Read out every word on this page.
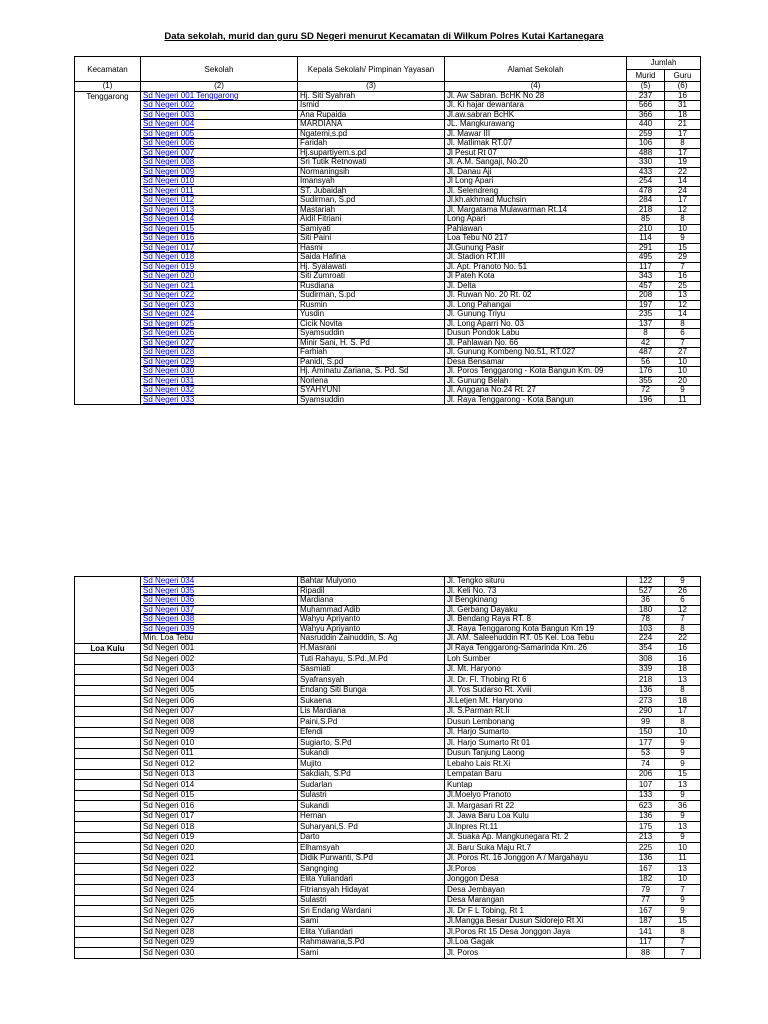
Data sekolah, murid dan guru SD Negeri menurut Kecamatan di Wilkum Polres Kutai Kartanegara
Kecamatan	Sekolah	Kepala Sekolah/ Pimpinan Yayasan	Alamat Sekolah	Jumlah	
				Murid	Guru
(1)	(2)	(3)	(4)	(5)	(6)
Tenggarong	Sd Negeri 001 Tenggarong	Hj. Siti Syahrah	Jl. Aw Sabran. BcHK No 28	237	16
	Sd Negeri 002	Ismid	Jl. Ki hajar dewantara	566	31
	Sd Negeri 003	Ana Rupaida	Jl.aw.sabran BcHK	366	18
	Sd Negeri 004	MARDIANA	JL. Mangkurawang	440	21
	Sd Negeri 005	Ngatemi,s.pd	Jl. Mawar III	259	17
	Sd Negeri 006	Faridah	Jl. Matlimak RT.07	106	8
	Sd Negeri 007	Hj.supartiyem.s.pd	Jl Pesut Rt 07	488	17
	Sd Negeri 008	Sri Tutik Retnowati	Jl. A.M. Sangaji, No.20	330	19
	Sd Negeri 009	Normaningsih	Jl. Danau Aji	433	22
	Sd Negeri 010	Imansyah	Jl Long Apari	254	14
	Sd Negeri 011	ST. Jubaidah	Jl. Selendreng	478	24
	Sd Negeri 012	Sudirman, S.pd	Jl.kh.akhmad Muchsin	284	17
	Sd Negeri 013	Mastariah	Jl. Margatama Mulawarman Rt.14	218	12
	Sd Negeri 014	Aidil Fitriani	Long Apari	85	8
	Sd Negeri 015	Samiyati	Pahlawan	210	10
	Sd Negeri 016	Siti Paini	Loa Tebu N0 217	114	9
	Sd Negeri 017	Hasmi	Jl.Gunung Pasir	291	15
	Sd Negeri 018	Saida Hafina	Jl. Stadion RT.III	495	29
	Sd Negeri 019	Hj. Syalawati	Jl. Apt. Pranoto No. 51	117	7
	Sd Negeri 020	Siti Zumroati	Jl Pateh Kota	343	16
	Sd Negeri 021	Rusdiana	Jl. Delta	457	25
	Sd Negeri 022	Sudirman, S.pd	Jl. Ruwan No. 20 Rt. 02	208	13
	Sd Negeri 023	Rusmin	Jl. Long Pahangai	197	12
	Sd Negeri 024	Yusdin	Jl. Gunung Triyu	235	14
	Sd Negeri 025	Cicik Novita	Jl. Long Aparri No. 03	137	8
	Sd Negeri 026	Syamsuddin	Dusun Pondok Labu	8	6
	Sd Negeri 027	Minir Sani, H. S. Pd	Jl. Pahlawan No. 66	42	7
	Sd Negeri 028	Farhiah	Jl. Gunung Kombeng No.51, RT.027	487	27
	Sd Negeri 029	Panidi, S.pd	Desa Bensamar	56	10
	Sd Negeri 030	Hj. Aminatu Zariana, S. Pd. Sd	Jl. Poros Tenggarong - Kota Bangun Km. 09	176	10
	Sd Negeri 031	Norlena	Jl. Gunung Belah	355	20
	Sd Negeri 032	SYAHYUNI	Jl. Anggana No.24 Rt. 27	72	9
	Sd Negeri 033	Syamsuddin	Jl. Raya Tenggarong - Kota Bangun	196	11
	Sd Negeri 034	Bahtar Mulyono	Jl. Tengko situru	122	9
	Sd Negeri 035	Ripadil	Jl. Keli No. 73	527	26
	Sd Negeri 036	Mardiana	Jl Bengkinang	36	6
	Sd Negeri 037	Muhammad Adib	Jl. Gerbang Dayaku	180	12
	Sd Negeri 038	Wahyu Apriyanto	Jl. Bendang Raya RT. 8	78	7
	Sd Negeri 039	Wahyu Apriyanto	Jl. Raya Tenggarong Kota Bangun Km 19	103	8
	Min. Loa Tebu	Nasruddin Zainuddin, S. Ag	Jl. AM. Saleehuddin RT. 05 Kel. Loa Tebu	224	22
Loa Kulu	Sd Negeri 001	H.Masrani	Jl Raya Tenggarong-Samarinda Km. 26	354	16
	Sd Negeri 002	Tuti Rahayu, S.Pd.,M.Pd	Loh Sumber	308	16
	Sd Negeri 003	Sasmiati	Jl. Mt. Haryono	339	18
	Sd Negeri 004	Syafransyah	Jl. Dr. Fl. Thobing Rt 6	218	13
	Sd Negeri 005	Endang Siti Bunga	Jl. Yos Sudarso Rt. Xviii	136	8
	Sd Negeri 006	Sukaena	Jl.Letjen Mt. Haryono	273	18
	Sd Negeri 007	Lis Mardiana	Jl. S.Parman Rt.Ii	290	17
	Sd Negeri 008	Paini,S.Pd	Dusun Lembonang	99	8
	Sd Negeri 009	Efendi	Jl. Harjo Sumarto	150	10
	Sd Negeri 010	Sugiarto, S.Pd	Jl. Harjo Sumarto Rt 01	177	9
	Sd Negeri 011	Sukandi	Dusun Tanjung Laong	53	9
	Sd Negeri 012	Mujito	Lebaho Lais Rt.Xi	74	9
	Sd Negeri 013	Sakdiah, S.Pd	Lempatan Baru	206	15
	Sd Negeri 014	Sudarlan	Kuntap	107	13
	Sd Negeri 015	Sulastri	Jl.Moelyo Pranoto	133	9
	Sd Negeri 016	Sukandi	Jl. Margasari Rt 22	623	36
	Sd Negeri 017	Hernan	Jl. Jawa Baru Loa Kulu	136	9
	Sd Negeri 018	Suharyani,S. Pd	Jl.Inpres Rt.11	175	13
	Sd Negeri 019	Darto	Jl. Suaka Ap. Mangkunegara Rt. 2	213	9
	Sd Negeri 020	Elhamsyah	Jl. Baru Suka Maju Rt.7	225	10
	Sd Negeri 021	Didik Purwanti, S.Pd	Jl. Poros Rt. 16 Jonggon A / Margahayu	136	11
	Sd Negeri 022	Sangnging	Jl.Poros	167	13
	Sd Negeri 023	Elita Yuliandari	Jonggon Desa	182	10
	Sd Negeri 024	Fitriansyah Hidayat	Desa Jembayan	79	7
	Sd Negeri 025	Sulastri	Desa Marangan	77	9
	Sd Negeri 026	Sri Endang Wardani	Jl. Dr F L Tobing, Rt 1	167	9
	Sd Negeri 027	Sami	Jl.Mangga Besar Dusun Sidorejo Rt Xi	187	15
	Sd Negeri 028	Elita Yuliandari	Jl.Poros Rt 15 Desa Jonggon Jaya	141	8
	Sd Negeri 029	Rahmawana,S.Pd	Jl.Loa Gagak	117	7
	Sd Negeri 030	Sami	Jl. Poros	88	7
